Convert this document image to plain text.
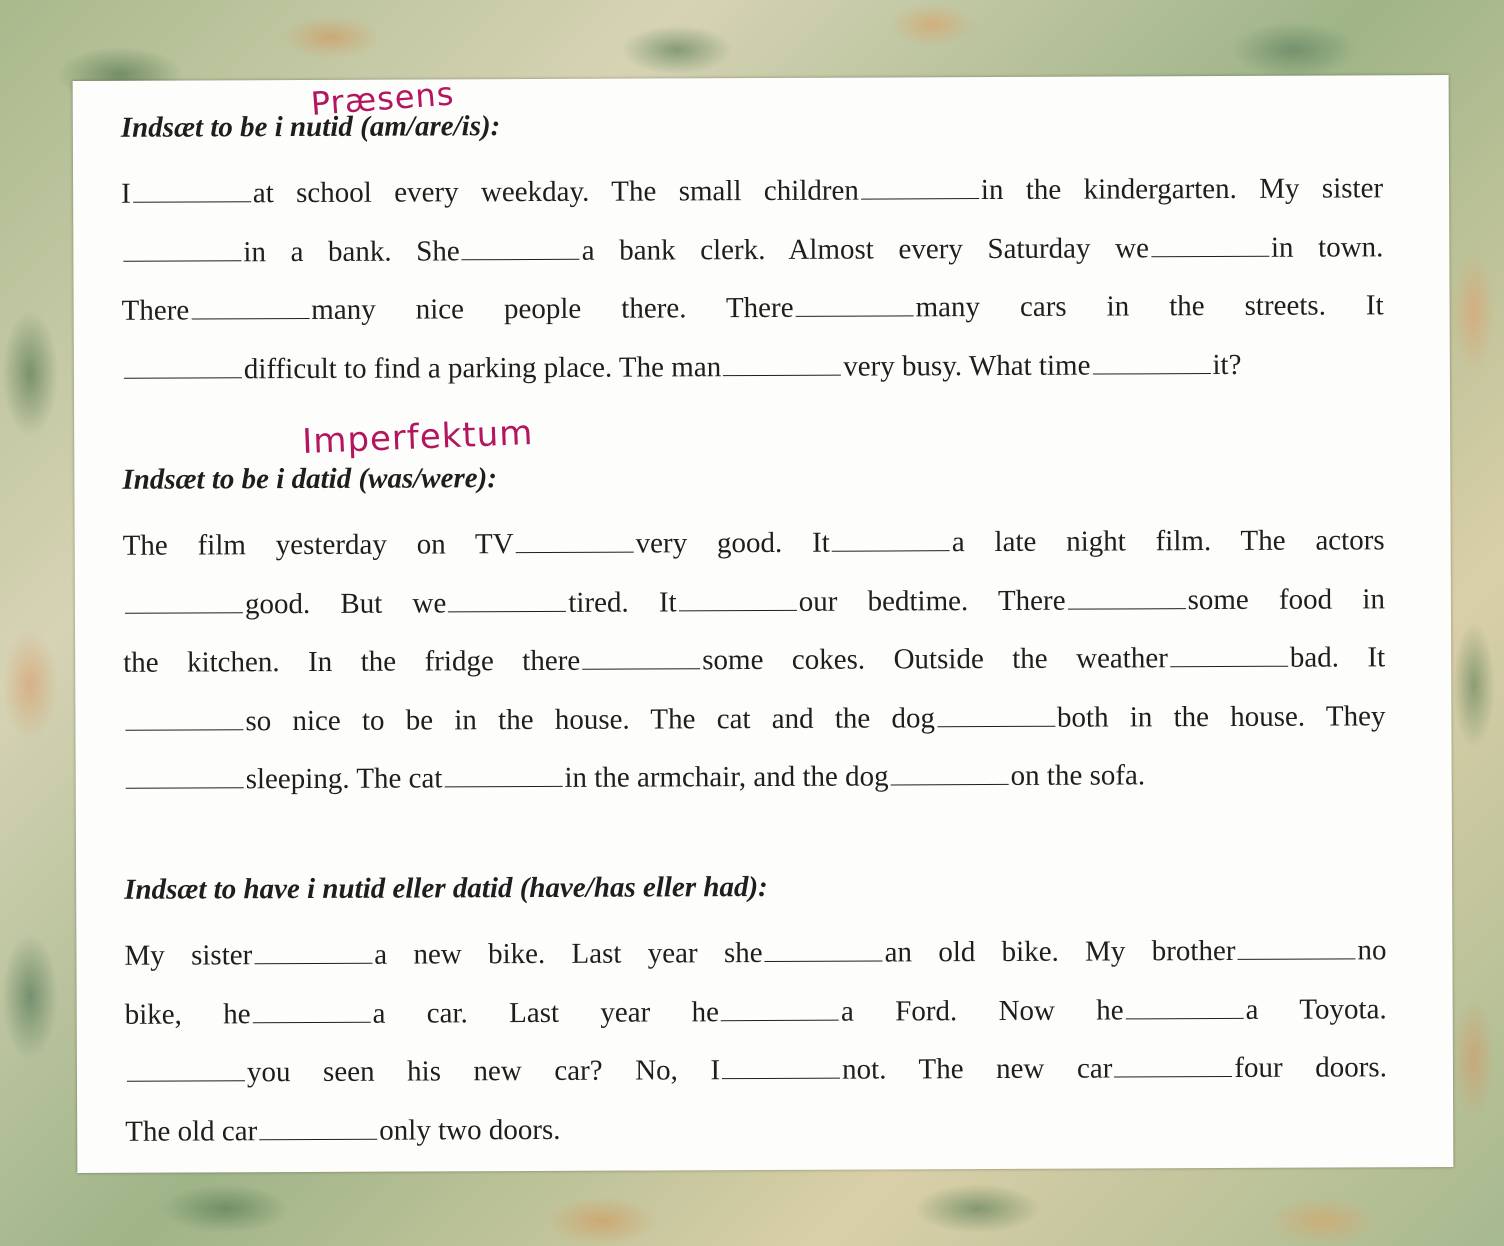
Præsens
Imperfektum
Indsæt to be i nutid (am/are/is):
I	at school every weekday. The small children	in the kindergarten. My sister
in a bank. She	a bank clerk. Almost every Saturday we	in town.
There	many nice people there. There	many cars in the streets. It
difficult to find a parking place. The man	very busy. What time	it?
Indsæt to be i datid (was/were):
The film yesterday on TV	very good. It	a late night film. The actors
good. But we	tired. It	our bedtime. There	some food in
the kitchen. In the fridge there	some cokes. Outside the weather	bad. It
so nice to be in the house. The cat and the dog	both in the house. They
sleeping. The cat	in the armchair, and the dog	on the sofa.
Indsæt to have i nutid eller datid (have/has eller had):
My sister	a new bike. Last year she	an old bike. My brother	no
bike, he	a car. Last year he	a Ford. Now he	a Toyota.
you seen his new car? No, I	not. The new car	four doors.
The old car	only two doors.
